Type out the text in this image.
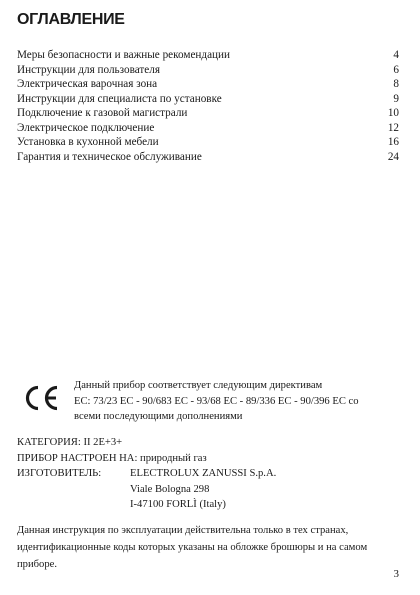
ОГЛАВЛЕНИЕ
Меры безопасности и важные рекомендации	4
Инструкции для пользователя	6
Электрическая варочная зона	8
Инструкции для специалиста по установке	9
Подключение к газовой магистрали	10
Электрическое подключение	12
Установка в кухонной мебели	16
Гарантия и техническое обслуживание	24
Данный прибор соответствует следующим директивам
ЕС: 73/23 EC - 90/683 EC - 93/68 EC - 89/336 EC - 90/396 EC со
всеми последующими дополнениями
КАТЕГОРИЯ: II 2E+3+
ПРИБОР НАСТРОЕН НА: природный газ
ИЗГОТОВИТЕЛЬ:	ELECTROLUX ZANUSSI S.p.A.
Viale Bologna 298
I-47100 FORLÌ (Italy)
Данная инструкция по эксплуатации действительна только в тех странах, идентификационные коды которых указаны на обложке брошюры и на самом приборе.
3
